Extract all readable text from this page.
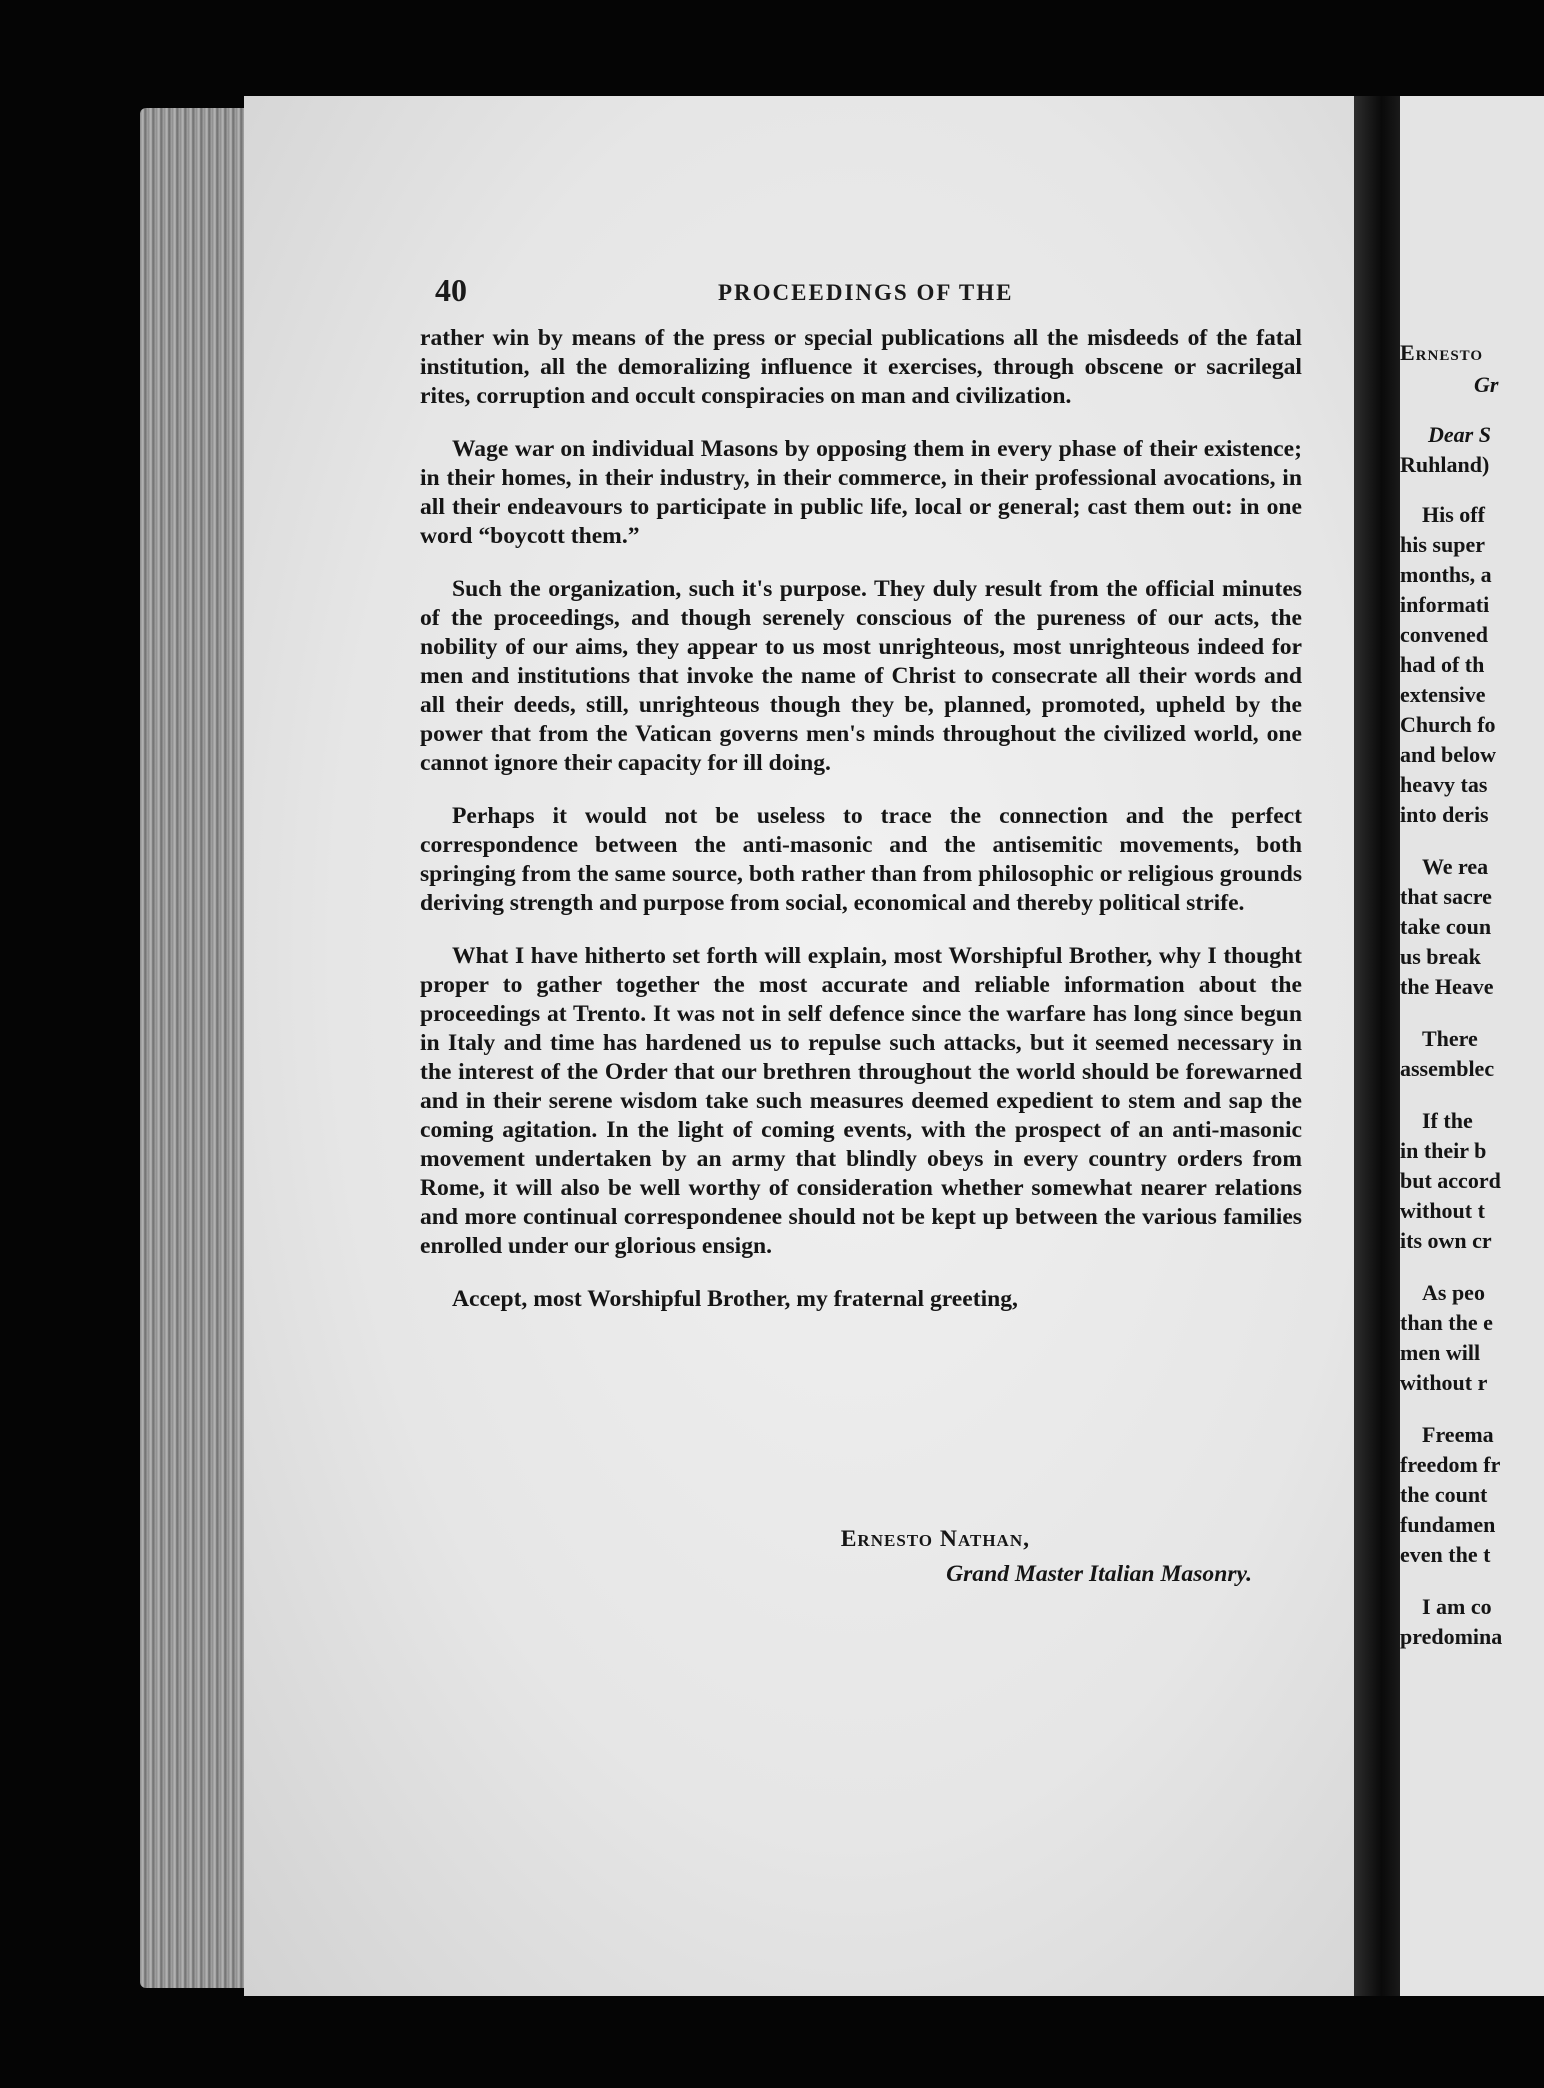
40	PROCEEDINGS OF THE

rather win by means of the press or special publications all the misdeeds of the fatal institution, all the demoralizing influence it exercises, through obscene or sacrilegal rites, corruption and occult conspiracies on man and civilization.

Wage war on individual Masons by opposing them in every phase of their existence; in their homes, in their industry, in their commerce, in their professional avocations, in all their endeavours to participate in public life, local or general; cast them out: in one word “boycott them.”

Such the organization, such it's purpose. They duly result from the official minutes of the proceedings, and though serenely conscious of the pureness of our acts, the nobility of our aims, they appear to us most unrighteous, most unrighteous indeed for men and institutions that invoke the name of Christ to consecrate all their words and all their deeds, still, unrighteous though they be, planned, promoted, upheld by the power that from the Vatican governs men's minds throughout the civilized world, one cannot ignore their capacity for ill doing.

Perhaps it would not be useless to trace the connection and the perfect correspondence between the anti-masonic and the antisemitic movements, both springing from the same source, both rather than from philosophic or religious grounds deriving strength and purpose from social, economical and thereby political strife.

What I have hitherto set forth will explain, most Worshipful Brother, why I thought proper to gather together the most accurate and reliable information about the proceedings at Trento. It was not in self defence since the warfare has long since begun in Italy and time has hardened us to repulse such attacks, but it seemed necessary in the interest of the Order that our brethren throughout the world should be forewarned and in their serene wisdom take such measures deemed expedient to stem and sap the coming agitation. In the light of coming events, with the prospect of an anti-masonic movement undertaken by an army that blindly obeys in every country orders from Rome, it will also be well worthy of consideration whether somewhat nearer relations and more continual correspondenee should not be kept up between the various families enrolled under our glorious ensign.

Accept, most Worshipful Brother, my fraternal greeting,

Ernesto Nathan,
Grand Master Italian Masonry.
Ernesto
Gr
Dear S
Ruhland)
His off
his super
months, a
informati
convened
had of th
extensive
Church fo
and below
heavy tas
into deris
We rea
that sacre
take coun
us break
the Heave
There
assemblec
If the
in their b
but accord
without t
its own cr
As peo
than the e
men will
without r
Freema
freedom fr
the count
fundamen
even the t
I am co
predomina
